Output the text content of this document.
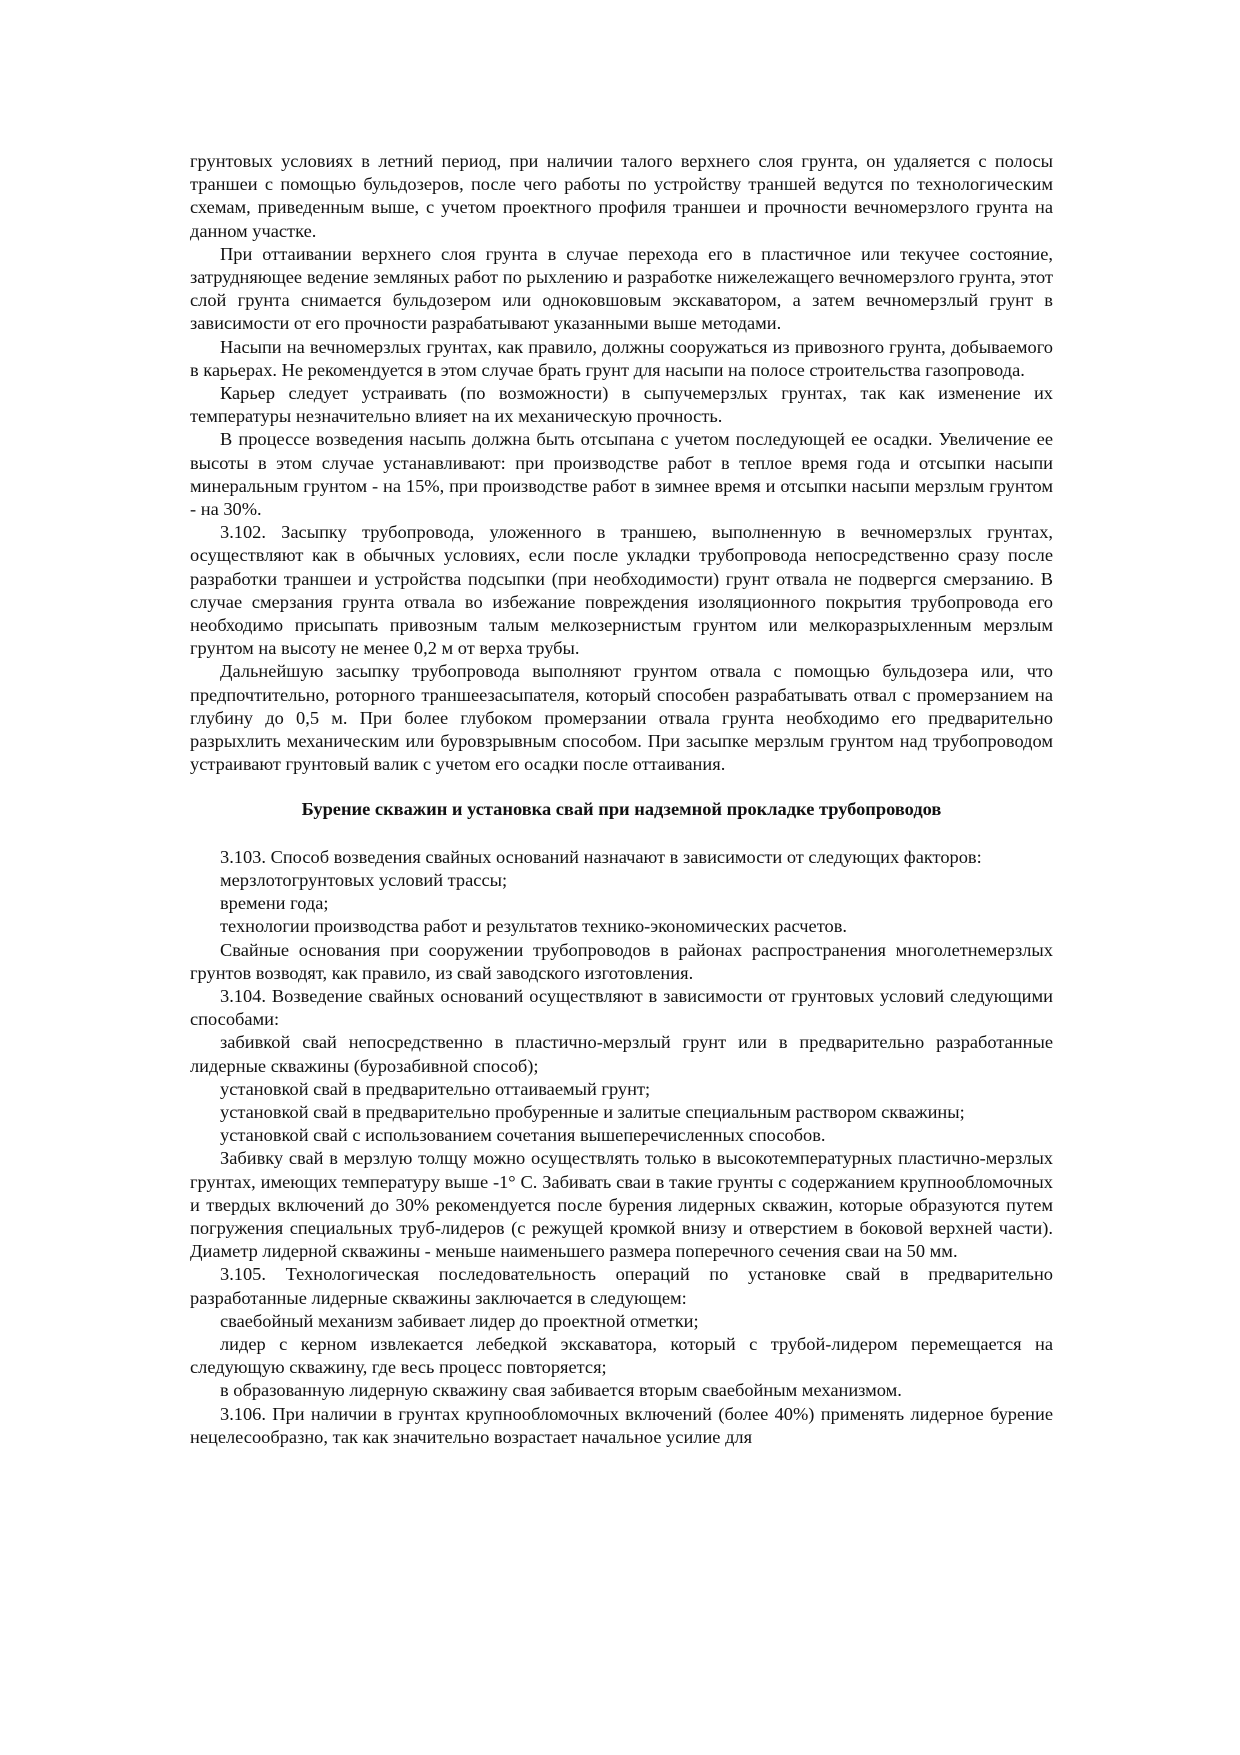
грунтовых условиях в летний период, при наличии талого верхнего слоя грунта, он удаляется с полосы траншеи с помощью бульдозеров, после чего работы по устройству траншей ведутся по технологическим схемам, приведенным выше, с учетом проектного профиля траншеи и прочности вечномерзлого грунта на данном участке.

При оттаивании верхнего слоя грунта в случае перехода его в пластичное или текучее состояние, затрудняющее ведение земляных работ по рыхлению и разработке нижележащего вечномерзлого грунта, этот слой грунта снимается бульдозером или одноковшовым экскаватором, а затем вечномерзлый грунт в зависимости от его прочности разрабатывают указанными выше методами.

Насыпи на вечномерзлых грунтах, как правило, должны сооружаться из привозного грунта, добываемого в карьерах. Не рекомендуется в этом случае брать грунт для насыпи на полосе строительства газопровода.

Карьер следует устраивать (по возможности) в сыпучемерзлых грунтах, так как изменение их температуры незначительно влияет на их механическую прочность.

В процессе возведения насыпь должна быть отсыпана с учетом последующей ее осадки. Увеличение ее высоты в этом случае устанавливают: при производстве работ в теплое время года и отсыпки насыпи минеральным грунтом - на 15%, при производстве работ в зимнее время и отсыпки насыпи мерзлым грунтом - на 30%.

3.102. Засыпку трубопровода, уложенного в траншею, выполненную в вечномерзлых грунтах, осуществляют как в обычных условиях, если после укладки трубопровода непосредственно сразу после разработки траншеи и устройства подсыпки (при необходимости) грунт отвала не подвергся смерзанию. В случае смерзания грунта отвала во избежание повреждения изоляционного покрытия трубопровода его необходимо присыпать привозным талым мелкозернистым грунтом или мелкоразрыхленным мерзлым грунтом на высоту не менее 0,2 м от верха трубы.

Дальнейшую засыпку трубопровода выполняют грунтом отвала с помощью бульдозера или, что предпочтительно, роторного траншеезасыпателя, который способен разрабатывать отвал с промерзанием на глубину до 0,5 м. При более глубоком промерзании отвала грунта необходимо его предварительно разрыхлить механическим или буровзрывным способом. При засыпке мерзлым грунтом над трубопроводом устраивают грунтовый валик с учетом его осадки после оттаивания.

Бурение скважин и установка свай при надземной прокладке трубопроводов

3.103. Способ возведения свайных оснований назначают в зависимости от следующих факторов:

мерзлотогрунтовых условий трассы;

времени года;

технологии производства работ и результатов технико-экономических расчетов.

Свайные основания при сооружении трубопроводов в районах распространения многолетнемерзлых грунтов возводят, как правило, из свай заводского изготовления.

3.104. Возведение свайных оснований осуществляют в зависимости от грунтовых условий следующими способами:

забивкой свай непосредственно в пластично-мерзлый грунт или в предварительно разработанные лидерные скважины (бурозабивной способ);

установкой свай в предварительно оттаиваемый грунт;

установкой свай в предварительно пробуренные и залитые специальным раствором скважины;

установкой свай с использованием сочетания вышеперечисленных способов.

Забивку свай в мерзлую толщу можно осуществлять только в высокотемпературных пластично-мерзлых грунтах, имеющих температуру выше -1° С. Забивать сваи в такие грунты с содержанием крупнообломочных и твердых включений до 30% рекомендуется после бурения лидерных скважин, которые образуются путем погружения специальных труб-лидеров (с режущей кромкой внизу и отверстием в боковой верхней части). Диаметр лидерной скважины - меньше наименьшего размера поперечного сечения сваи на 50 мм.

3.105. Технологическая последовательность операций по установке свай в предварительно разработанные лидерные скважины заключается в следующем:

сваебойный механизм забивает лидер до проектной отметки;

лидер с керном извлекается лебедкой экскаватора, который с трубой-лидером перемещается на следующую скважину, где весь процесс повторяется;

в образованную лидерную скважину свая забивается вторым сваебойным механизмом.

3.106. При наличии в грунтах крупнообломочных включений (более 40%) применять лидерное бурение нецелесообразно, так как значительно возрастает начальное усилие для
